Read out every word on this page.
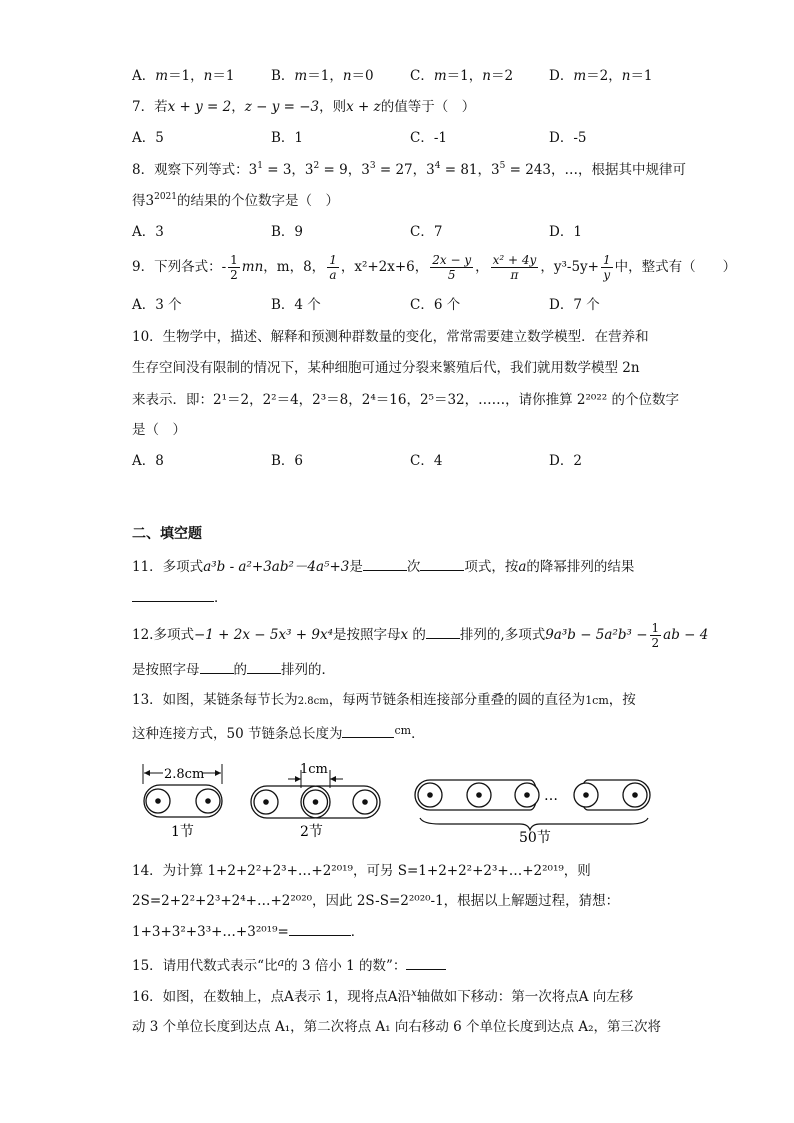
A．m＝1，n＝1	B．m＝1，n＝0	C．m＝1，n＝2	D．m＝2，n＝1
7．若x + y = 2，z − y = −3，则x + z的值等于（　）
A．5	B．1	C．-1	D．-5
8．观察下列等式：$3^1 = 3$，$3^2 = 9$，$3^3 = 27$，$3^4 = 81$，$3^5 = 243$，…，根据其中规律可
得$3^{2021}$的结果的个位数字是（　）
A．3	B．9	C．7	D．1
9．下列各式：- $\frac{1}{2}$ mn，m，8， $\frac{1}{a}$ ，x²+2x+6， $\frac{2x - y}{5}$ ， $\frac{\text{x² + 4y}}{\pi}$ ，$y^3-5y+ \frac{1}{y}$ 中，整式有（　　）
A．3 个	B．4 个	C．6 个	D．7 个
10．生物学中，描述、解释和预测种群数量的变化，常常需要建立数学模型．在营养和
生存空间没有限制的情况下，某种细胞可通过分裂来繁殖后代，我们就用数学模型 2n
来表示．即：2¹＝2，2²＝4，2³＝8，2⁴＝16，2⁵＝32，……，请你推算 2²⁰²² 的个位数字
是（　）
A．8	B．6	C．4	D．2
二、填空题
11．多项式a³b - a²+3ab²－4a⁵+3是	次	项式，按a的降幂排列的结果
．
12.多项式−1 + 2x − 5x³ + 9x⁴是按照字母x 的	排列的,多项式$9a^3b - 5a^2b^3 - \frac{1}{2}$ ab − 4
是按照字母	的	排列的．
13．如图，某链条每节长为2.8cm，每两节链条相连接部分重叠的圆的直径为1cm，按
这种连接方式，50 节链条总长度为	$^{cm}$．
2.8cm
1节
1cm
2节
…
50节
14．为计算 1+2+2²+2³+…+2²⁰¹⁹，可另 S=1+2+2²+2³+…+2²⁰¹⁹，则
2S=2+2²+2³+2⁴+…+2²⁰²⁰，因此 2S-S=2²⁰²⁰-1，根据以上解题过程，猜想：
1+3+3²+3³+…+3²⁰¹⁹=	．
15．请用代数式表示“比$^a$的 3 倍小 1 的数”：
16．如图，在数轴上，点A表示 1，现将点A沿$^x$轴做如下移动：第一次将点A 向左移
动 3 个单位长度到达点 A₁，第二次将点 A₁ 向右移动 6 个单位长度到达点 A₂，第三次将
